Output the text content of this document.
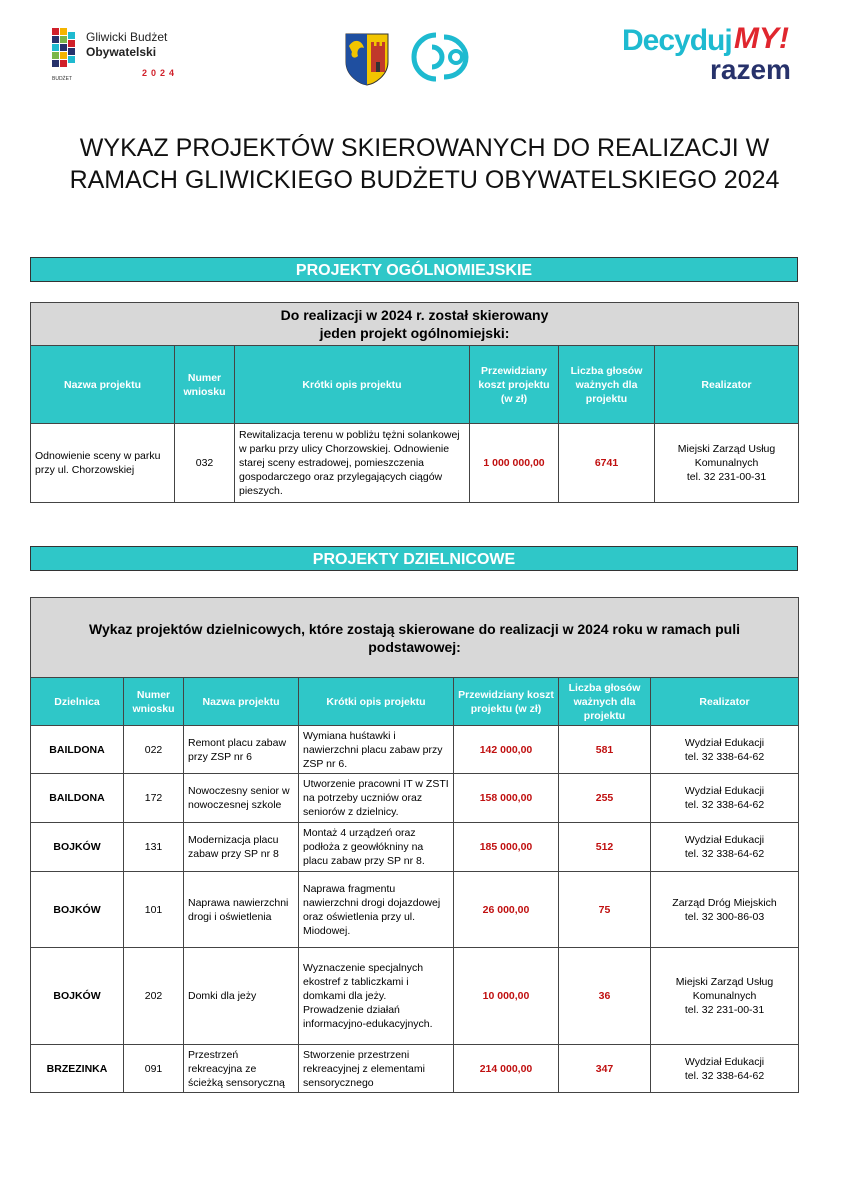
Gliwicki Budżet
Obywatelski
2024
BUDŻET
Decyduj MY!
razem
WYKAZ PROJEKTÓW SKIEROWANYCH DO REALIZACJI W RAMACH GLIWICKIEGO BUDŻETU OBYWATELSKIEGO 2024
PROJEKTY OGÓLNOMIEJSKIE
Do realizacji w 2024 r. został skierowany
jeden projekt ogólnomiejski:					

Nazwa projektu	Numer wniosku	Krótki opis projektu	Przewidziany koszt projektu (w zł)	Liczba głosów ważnych dla projektu	Realizator
Odnowienie sceny w parku przy ul. Chorzowskiej	032	Rewitalizacja terenu w pobliżu tężni solankowej w parku przy ulicy Chorzowskiej. Odnowienie starej sceny estradowej, pomieszczenia gospodarczego oraz przylegających ciągów pieszych.	1 000 000,00	6741	Miejski Zarząd Usług
Komunalnych
tel. 32 231-00-31
PROJEKTY DZIELNICOWE
Wykaz projektów dzielnicowych, które zostają skierowane do realizacji w 2024 roku w ramach puli podstawowej:						
Dzielnica	Numer wniosku	Nazwa projektu	Krótki opis projektu	Przewidziany koszt projektu (w zł)	Liczba głosów ważnych dla projektu	Realizator
BAILDONA	022	Remont placu zabaw przy ZSP nr 6	Wymiana huśtawki i nawierzchni placu zabaw przy ZSP nr 6.	142 000,00	581	Wydział Edukacji
tel. 32 338-64-62

BAILDONA	172	Nowoczesny senior w nowoczesnej szkole	Utworzenie pracowni IT w ZSTI na potrzeby uczniów oraz seniorów z dzielnicy.	158 000,00	255	Wydział Edukacji
tel. 32 338-64-62

BOJKÓW	131	Modernizacja placu zabaw przy SP nr 8	Montaż 4 urządzeń oraz podłoża z geowłókniny na placu zabaw przy SP nr 8.	185 000,00	512	Wydział Edukacji
tel. 32 338-64-62

BOJKÓW	101	Naprawa nawierzchni drogi i oświetlenia	Naprawa fragmentu nawierzchni drogi dojazdowej oraz oświetlenia przy ul. Miodowej.	26 000,00	75	Zarząd Dróg Miejskich
tel. 32 300-86-03

BOJKÓW	202	Domki dla jeży	Wyznaczenie specjalnych ekostref z tabliczkami i domkami dla jeży. Prowadzenie działań informacyjno-edukacyjnych.	10 000,00	36	Miejski Zarząd Usług
Komunalnych
tel. 32 231-00-31

BRZEZINKA	091	Przestrzeń rekreacyjna ze ścieżką sensoryczną	Stworzenie przestrzeni rekreacyjnej z elementami sensorycznego	214 000,00	347	Wydział Edukacji
tel. 32 338-64-62
